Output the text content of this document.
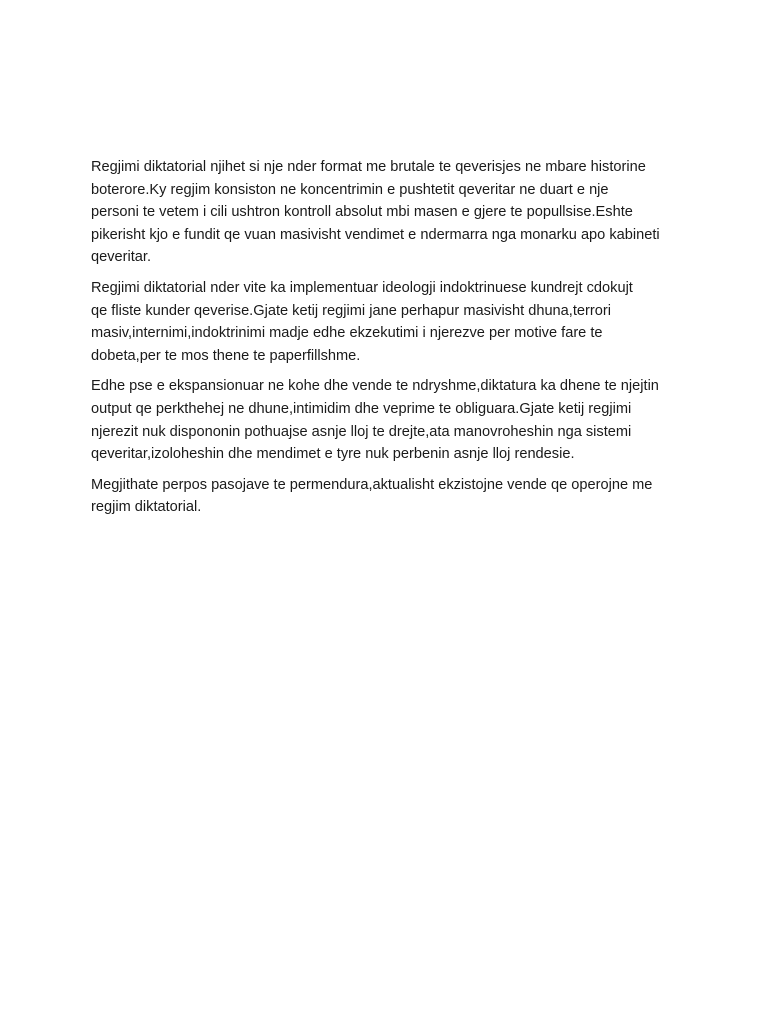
Regjimi diktatorial njihet si nje nder format me brutale te qeverisjes ne mbare historine

boterore.Ky regjim konsiston ne koncentrimin e pushtetit qeveritar ne duart e nje

personi te vetem i cili ushtron kontroll absolut mbi masen e gjere te popullsise.Eshte

pikerisht kjo e fundit qe vuan masivisht vendimet e ndermarra nga monarku apo kabineti

qeveritar.

Regjimi diktatorial nder vite ka implementuar ideologji indoktrinuese kundrejt cdokujt

qe fliste kunder qeverise.Gjate ketij regjimi jane perhapur masivisht dhuna,terrori

masiv,internimi,indoktrinimi madje edhe ekzekutimi i njerezve per motive fare te

dobeta,per te mos thene te paperfillshme.

Edhe pse e ekspansionuar ne kohe dhe vende te ndryshme,diktatura ka dhene te njejtin

output qe perkthehej ne dhune,intimidim dhe veprime te obliguara.Gjate ketij regjimi

njerezit nuk dispononin pothuajse asnje lloj te drejte,ata manovroheshin nga sistemi

qeveritar,izoloheshin dhe mendimet e tyre nuk perbenin asnje lloj rendesie.

Megjithate perpos pasojave te permendura,aktualisht ekzistojne vende qe operojne me

regjim diktatorial.
